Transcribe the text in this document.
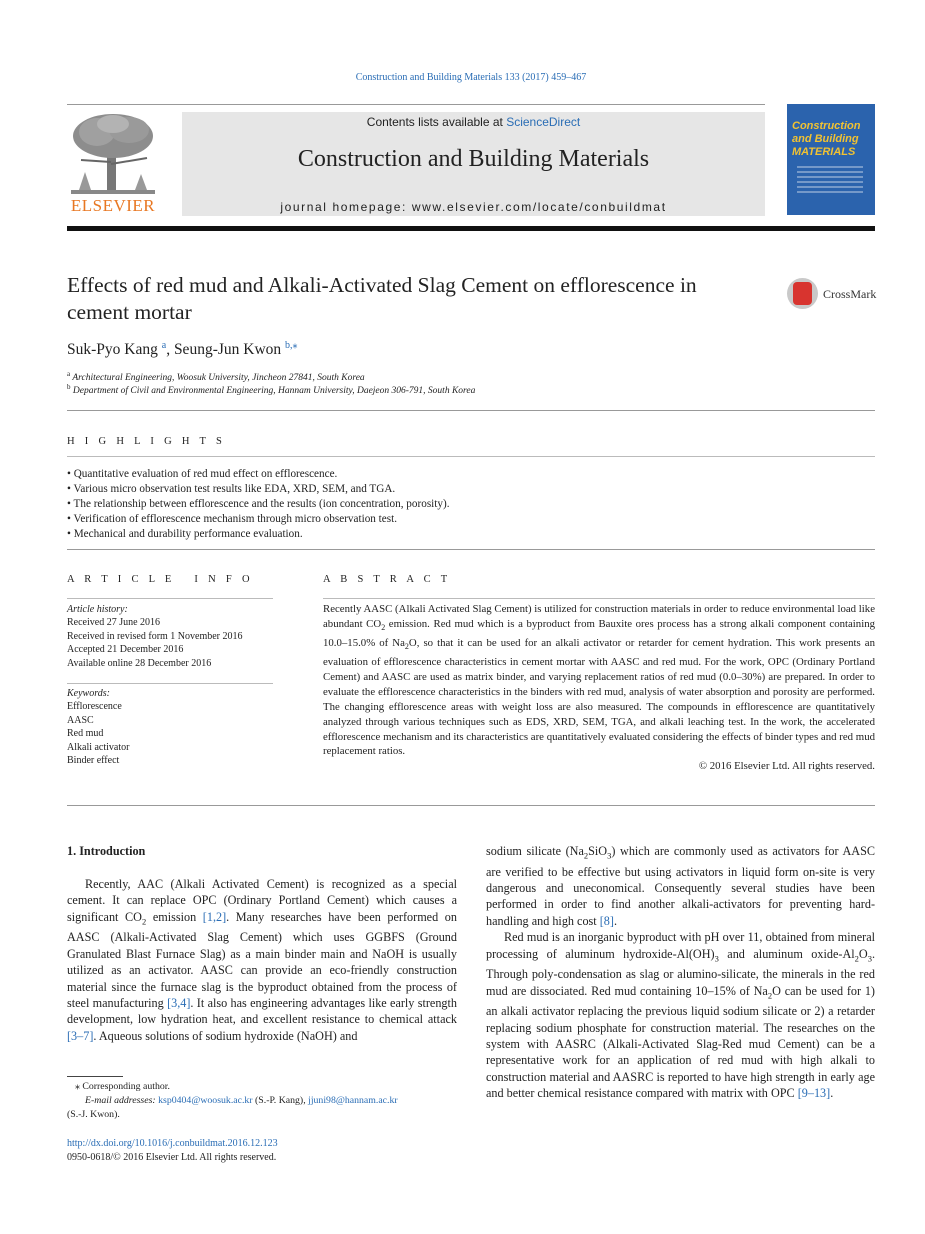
Construction and Building Materials 133 (2017) 459–467
ELSEVIER
Contents lists available at ScienceDirect
Construction and Building Materials
journal homepage: www.elsevier.com/locate/conbuildmat
Construction
and Building
MATERIALS
Effects of red mud and Alkali-Activated Slag Cement on efflorescence in
cement mortar
CrossMark
Suk-Pyo Kang $^a$, Seung-Jun Kwon $^{b,⁎}$
$^a$ Architectural Engineering, Woosuk University, Jincheon 27841, South Korea
$^b$ Department of Civil and Environmental Engineering, Hannam University, Daejeon 306-791, South Korea
H I G H L I G H T S
• Quantitative evaluation of red mud effect on efflorescence.
• Various micro observation test results like EDA, XRD, SEM, and TGA.
• The relationship between efflorescence and the results (ion concentration, porosity).
• Verification of efflorescence mechanism through micro observation test.
• Mechanical and durability performance evaluation.
A R T I C L E   I N F O
Article history:
Received 27 June 2016
Received in revised form 1 November 2016
Accepted 21 December 2016
Available online 28 December 2016
Keywords:
Efflorescence
AASC
Red mud
Alkali activator
Binder effect
A B S T R A C T
Recently AASC (Alkali Activated Slag Cement) is utilized for construction materials in order to reduce environmental load like abundant $CO_2$ emission. Red mud which is a byproduct from Bauxite ores process has a strong alkali component containing 10.0–15.0% of $Na_2O$, so that it can be used for an alkali activator or retarder for cement hydration. This work presents an evaluation of efflorescence characteristics in cement mortar with AASC and red mud. For the work, OPC (Ordinary Portland Cement) and AASC are used as matrix binder, and varying replacement ratios of red mud (0.0–30%) are prepared. In order to evaluate the efflorescence characteristics in the binders with red mud, analysis of water absorption and porosity are performed. The changing efflorescence areas with weight loss are also measured. The compounds in efflorescence are quantitatively analyzed through various techniques such as EDS, XRD, SEM, TGA, and alkali leaching test. In the work, the accelerated efflorescence mechanism and its characteristics are quantitatively evaluated considering the effects of binder types and red mud replacement ratios.
© 2016 Elsevier Ltd. All rights reserved.
1. Introduction

Recently, AAC (Alkali Activated Cement) is recognized as a special cement. It can replace OPC (Ordinary Portland Cement) which causes a significant $CO_2$ emission [1,2]. Many researches have been performed on AASC (Alkali-Activated Slag Cement) which uses GGBFS (Ground Granulated Blast Furnace Slag) as a main binder main and NaOH is usually utilized as an activator. AASC can provide an eco-friendly construction material since the furnace slag is the byproduct obtained from the process of steel manufacturing [3,4]. It also has engineering advantages like early strength development, low hydration heat, and excellent resistance to chemical attack [3–7]. Aqueous solutions of sodium hydroxide (NaOH) and

sodium silicate $(Na_2SiO_3)$ which are commonly used as activators for AASC are verified to be effective but using activators in liquid form on-site is very dangerous and uneconomical. Consequently several studies have been performed in order to find another alkali-activators for preventing hard-handling and high cost [8].

Red mud is an inorganic byproduct with pH over 11, obtained from mineral processing of aluminum hydroxide-$Al(OH)_3$ and aluminum oxide-$Al_2O_3$. Through poly-condensation as slag or alumino-silicate, the minerals in the red mud are dissociated. Red mud containing 10–15% of $Na_2O$ can be used for 1) an alkali activator replacing the previous liquid sodium silicate or 2) a retarder replacing sodium phosphate for construction material. The researches on the system with AASRC (Alkali-Activated Slag-Red mud Cement) can be a representative work for an application of red mud with high alkali to construction material and AASRC is reported to have high strength in early age and better chemical resistance compared with matrix with OPC [9–13].

⁎ Corresponding author.
E-mail addresses: ksp0404@woosuk.ac.kr (S.-P. Kang), jjuni98@hannam.ac.kr
(S.-J. Kwon).
http://dx.doi.org/10.1016/j.conbuildmat.2016.12.123
0950-0618/© 2016 Elsevier Ltd. All rights reserved.
